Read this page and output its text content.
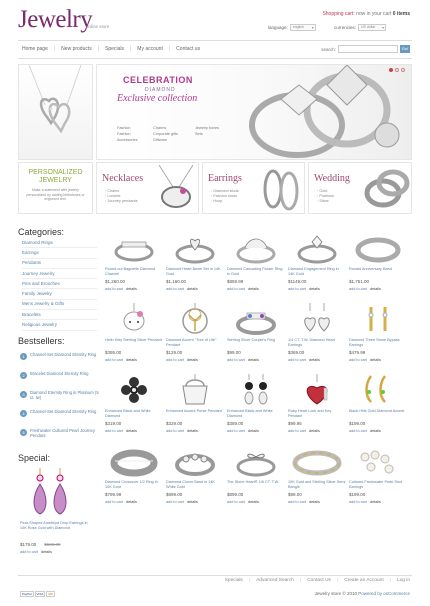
Jewelry
online store
Shopping cart: now in your cart 0 items
language:	english ▾	currencies:	US dollar ▾
Home page | New products | Specials | My account | Contact us	search:	Go!
PERSONALIZED
JEWELRY
Make a statement with jewelry personalized by adding birthstones or engraved text.
CELEBRATION
DIAMOND
Exclusive collection
Fashion
Fashion
Accessories
Charms
Corporate gifts
Giftware
Jewelry boxes
Sets
Necklaces
› Chains
› Lockets
› Journey pendants
Earrings
› Diamond studs
› Fashion studs
› Hoop
Wedding
› Gold
› Platinum
› Silver
Categories:
Diamond Rings
Earrings
Pendants
Journey Jewelry
Pins and Brooches
Family Jewelry
Mens Jewelry & Gifts
Bracelets
Religious Jewelry
Bestsellers:
1	Channel-Set Diamond Eternity Ring
2	Bracelet Diamond Eternity Ring
3	Diamond Eternity Ring in Platinum (5 ct. tw)
4	Channel-Set Diamond Eternity Ring
5	Freshwater Cultured Pearl Journey Pendant
Special:
Pear-Shaped Amethyst Drop Earrings in 10K Rose Gold with Diamond
$179.00 $588.00
add to cart details
Round-cut Baguette Diamond Channel
$1,260.00
add to cart details
Diamond Heart Bezel Set in 14K Gold
$1,160.00
add to cart details
Diamond Cascading Flower Ring in Gold
$859.99
add to cart details
Diamond Engagement Ring in 14K Gold
$1149.00
add to cart details
Ronald Anniversary Band
$1,751.00
add to cart details
Hello Kitty Sterling Silver Pendant
$395.00
add to cart details
Diamond Accent "Tree of Life" Pendant
$129.00
add to cart details
Sterling Silver Couple's Ring
$99.00
add to cart details
1/4 CT. T.W. Diamond Heart Earrings
$369.00
add to cart details
Diamond Three Stone Bypass Earrings
$479.99
add to cart details
Enhanced Black and White Diamond
$319.00
add to cart details
Enhanced Accent Purse Pendant
$329.00
add to cart details
Enhanced Black and White Diamond
$369.00
add to cart details
Ruby Heart Lock and Key Pendant
$99.95
add to cart details
Black Hills Gold Diamond Accent
$199.00
add to cart details
Diamond Crossover 1/2 Ring in 10K Gold
$799.99
add to cart details
Diamond Clover Band in 14K White Gold
$999.00
add to cart details
The Stone Heart® 1/6 CT. T.W.
$899.00
add to cart details
10K Gold and Sterling Silver Semi Bangle
$99.00
add to cart details
Cultured Freshwater Pearl Stud Earrings
$199.00
add to cart details
Specials | Advanced Search | Contact Us | Create an Account | Log in
Jewelry store © 2010 Powered by osCommerce
PayPal	VISA	MC
